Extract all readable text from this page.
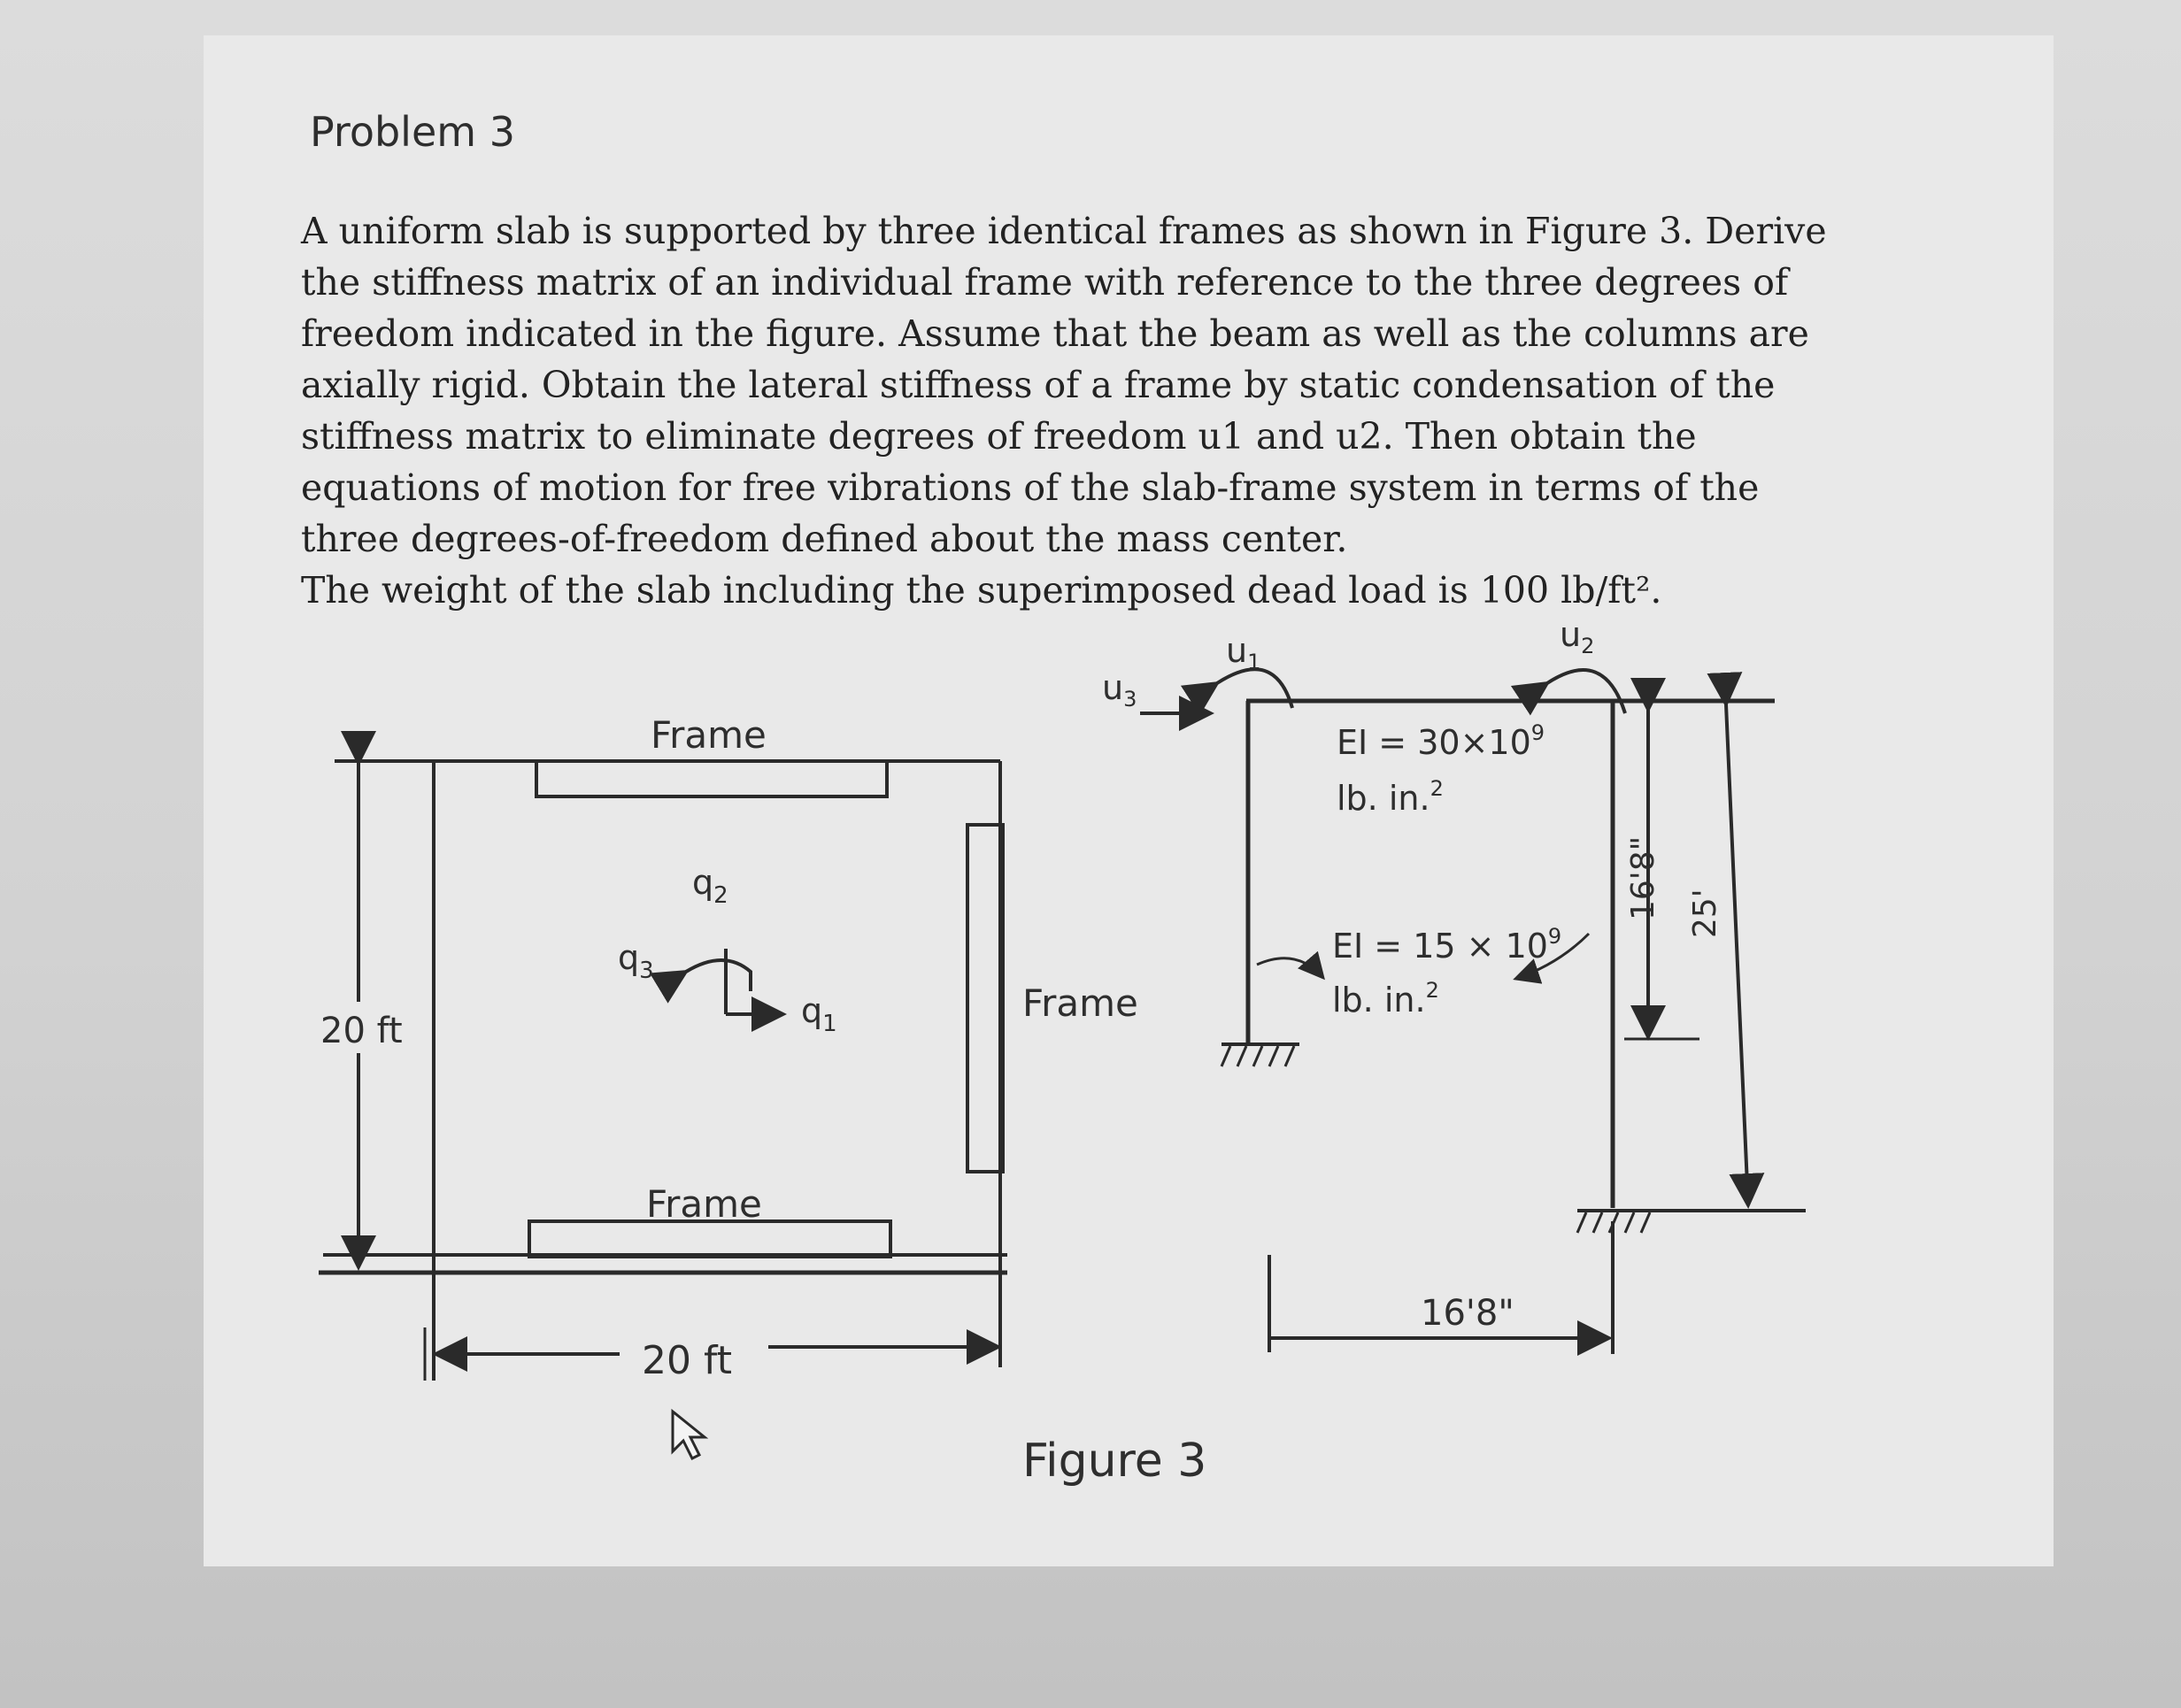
Problem 3
A uniform slab is supported by three identical frames as shown in Figure 3. Derive
the stiffness matrix of an individual frame with reference to the three degrees of
freedom indicated in the figure. Assume that the beam as well as the columns are
axially rigid. Obtain the lateral stiffness of a frame by static condensation of the
stiffness matrix to eliminate degrees of freedom u1 and u2. Then obtain the
equations of motion for free vibrations of the slab-frame system in terms of the
three degrees-of-freedom defined about the mass center.
The weight of the slab including the superimposed dead load is 100 lb/ft².
Frame
Frame
Frame
20 ft
20 ft
$q_2$
$q_3$
$q_1$
$u_3$
$u_1$
$u_2$
EI = $30\times 10^9$
lb. in.$^2$
EI = $15 \times 10^9$
lb. in.$^2$
16'8" 25'
16'8"
Figure 3
